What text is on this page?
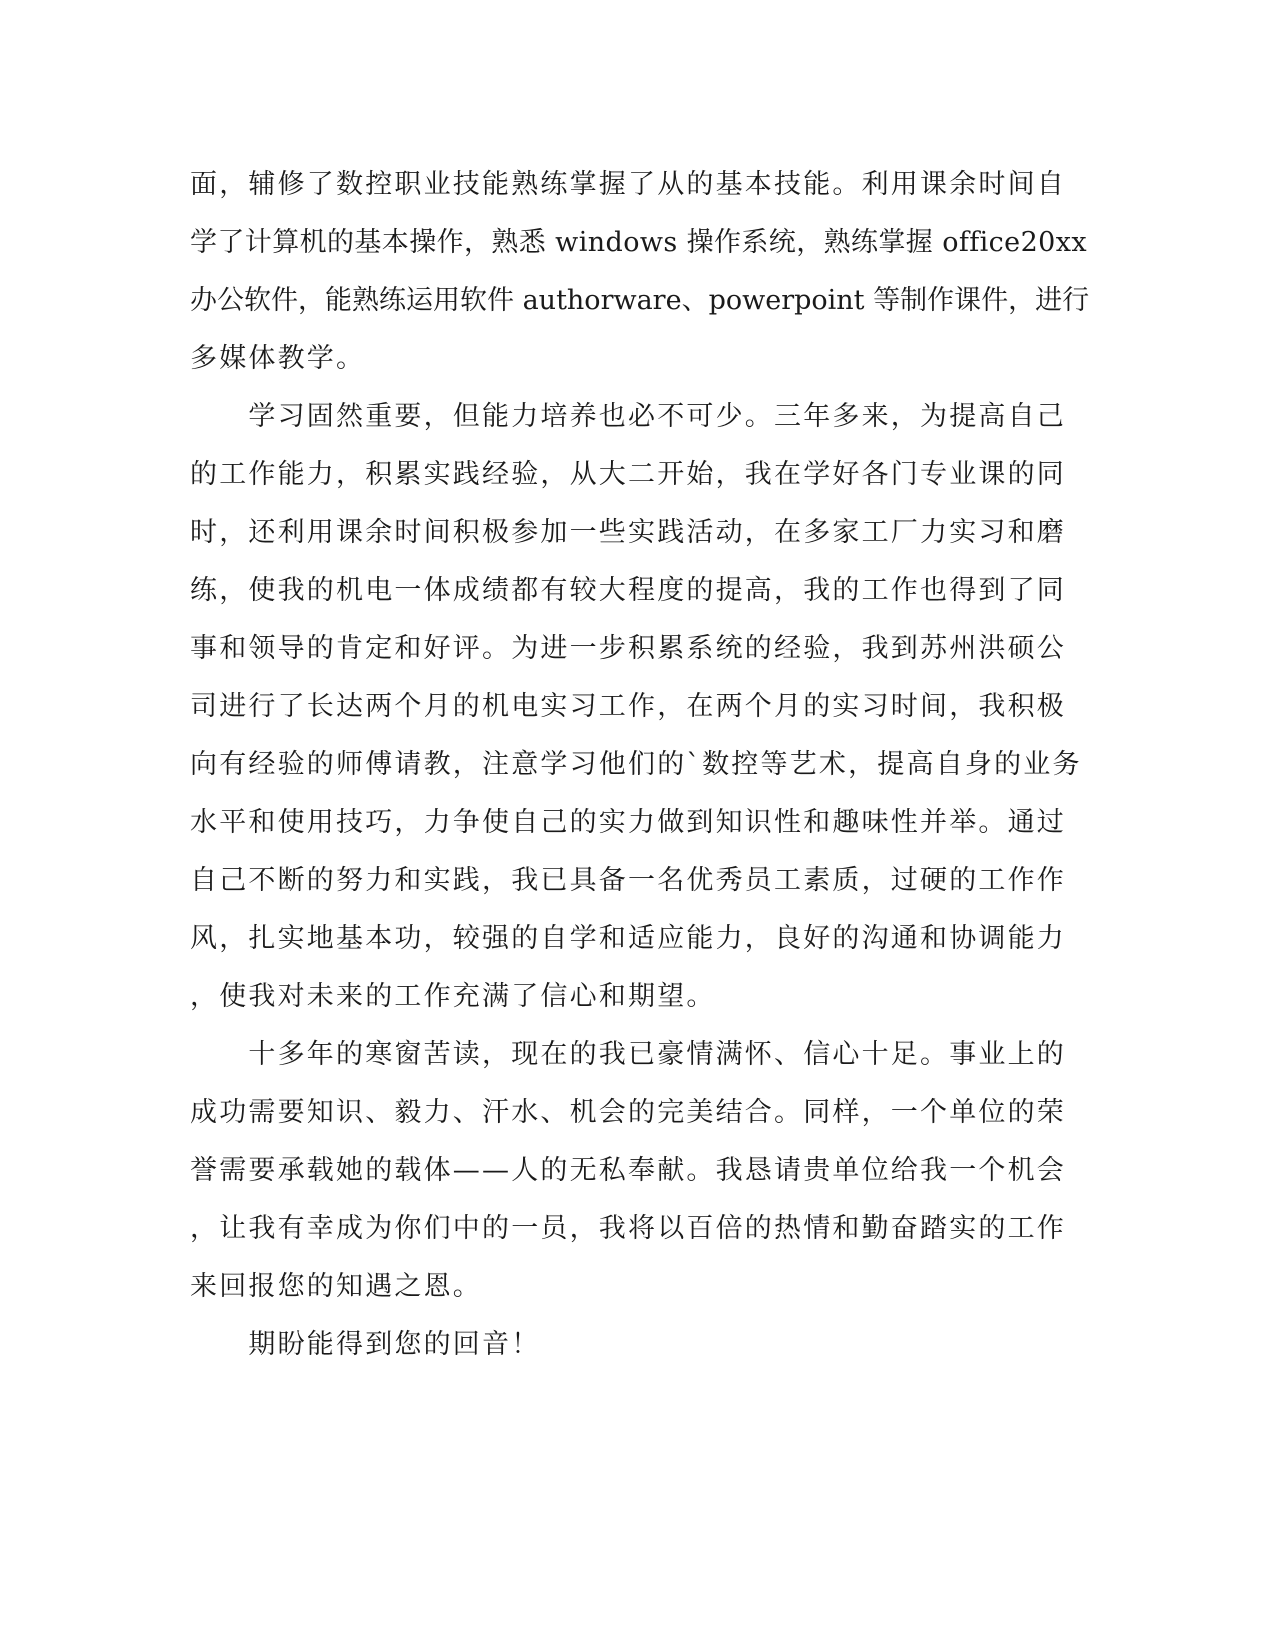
面，辅修了数控职业技能熟练掌握了从的基本技能。利用课余时间自
学了计算机的基本操作，熟悉 windows 操作系统，熟练掌握 office20xx
办公软件，能熟练运用软件 authorware、powerpoint 等制作课件，进行
多媒体教学。
　　学习固然重要，但能力培养也必不可少。三年多来，为提高自己
的工作能力，积累实践经验，从大二开始，我在学好各门专业课的同
时，还利用课余时间积极参加一些实践活动，在多家工厂力实习和磨
练，使我的机电一体成绩都有较大程度的提高，我的工作也得到了同
事和领导的肯定和好评。为进一步积累系统的经验，我到苏州洪硕公
司进行了长达两个月的机电实习工作，在两个月的实习时间，我积极
向有经验的师傅请教，注意学习他们的`数控等艺术，提高自身的业务
水平和使用技巧，力争使自己的实力做到知识性和趣味性并举。通过
自己不断的努力和实践，我已具备一名优秀员工素质，过硬的工作作
风，扎实地基本功，较强的自学和适应能力，良好的沟通和协调能力
，使我对未来的工作充满了信心和期望。
　　十多年的寒窗苦读，现在的我已豪情满怀、信心十足。事业上的
成功需要知识、毅力、汗水、机会的完美结合。同样，一个单位的荣
誉需要承载她的载体——人的无私奉献。我恳请贵单位给我一个机会
，让我有幸成为你们中的一员，我将以百倍的热情和勤奋踏实的工作
来回报您的知遇之恩。
　　期盼能得到您的回音！
